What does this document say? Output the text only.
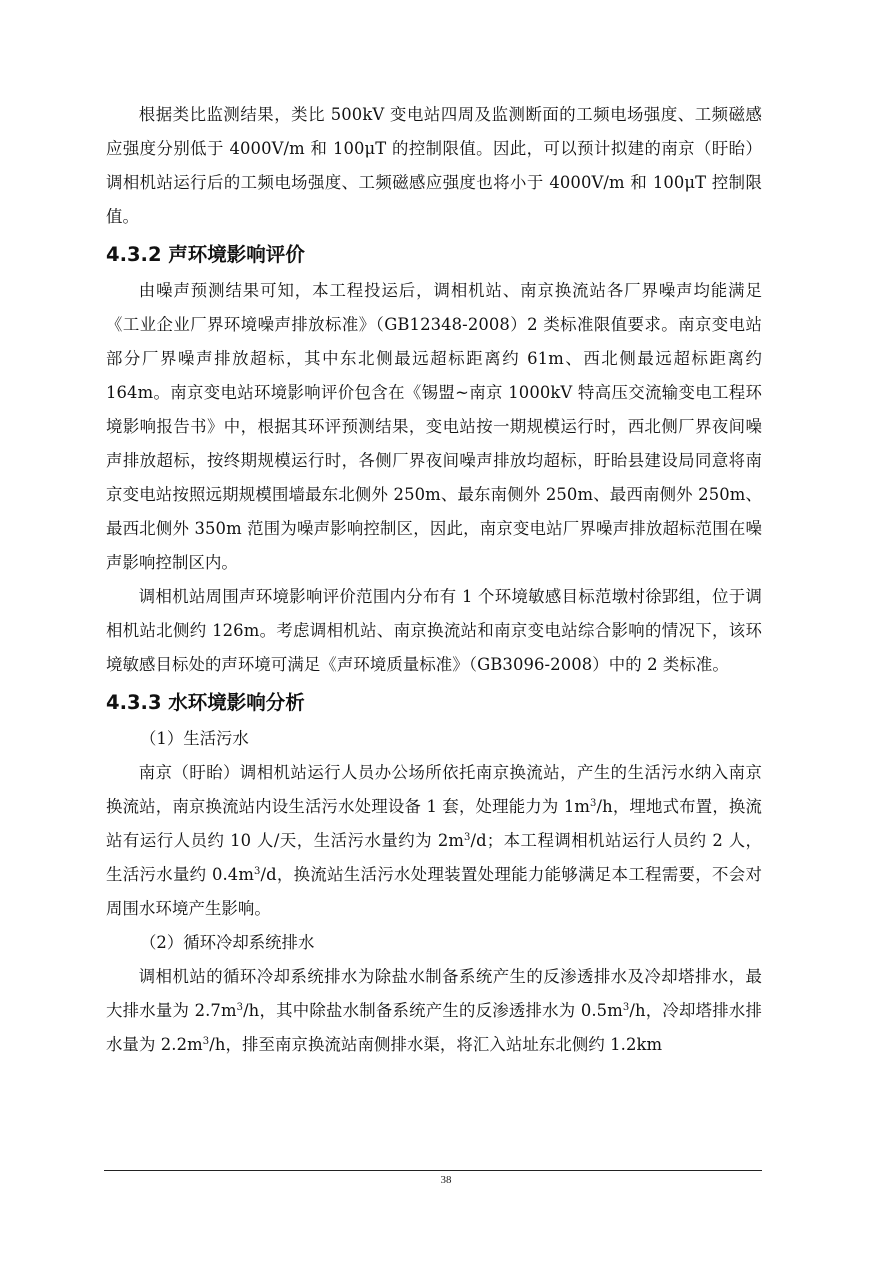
根据类比监测结果，类比 500kV 变电站四周及监测断面的工频电场强度、工频磁感应强度分别低于 4000V/m 和 100μT 的控制限值。因此，可以预计拟建的南京（盱眙）调相机站运行后的工频电场强度、工频磁感应强度也将小于 4000V/m 和 100μT 控制限值。

4.3.2 声环境影响评价

由噪声预测结果可知，本工程投运后，调相机站、南京换流站各厂界噪声均能满足《工业企业厂界环境噪声排放标准》（GB12348-2008）2 类标准限值要求。南京变电站部分厂界噪声排放超标，其中东北侧最远超标距离约 61m、西北侧最远超标距离约 164m。南京变电站环境影响评价包含在《锡盟~南京 1000kV 特高压交流输变电工程环境影响报告书》中，根据其环评预测结果，变电站按一期规模运行时，西北侧厂界夜间噪声排放超标，按终期规模运行时，各侧厂界夜间噪声排放均超标，盱眙县建设局同意将南京变电站按照远期规模围墙最东北侧外 250m、最东南侧外 250m、最西南侧外 250m、最西北侧外 350m 范围为噪声影响控制区，因此，南京变电站厂界噪声排放超标范围在噪声影响控制区内。

调相机站周围声环境影响评价范围内分布有 1 个环境敏感目标范墩村徐郢组，位于调相机站北侧约 126m。考虑调相机站、南京换流站和南京变电站综合影响的情况下，该环境敏感目标处的声环境可满足《声环境质量标准》（GB3096-2008）中的 2 类标准。

4.3.3 水环境影响分析

（1）生活污水

南京（盱眙）调相机站运行人员办公场所依托南京换流站，产生的生活污水纳入南京换流站，南京换流站内设生活污水处理设备 1 套，处理能力为 $1m^3/h$，埋地式布置，换流站有运行人员约 10 人/天，生活污水量约为 $2m^3/d$；本工程调相机站运行人员约 2 人，生活污水量约 $0.4m^3/d$，换流站生活污水处理装置处理能力能够满足本工程需要，不会对周围水环境产生影响。

（2）循环冷却系统排水

调相机站的循环冷却系统排水为除盐水制备系统产生的反渗透排水及冷却塔排水，最大排水量为 $2.7m^3/h$，其中除盐水制备系统产生的反渗透排水为 $0.5m^3/h$，冷却塔排水排水量为 $2.2m^3/h$，排至南京换流站南侧排水渠，将汇入站址东北侧约 1.2km

38
